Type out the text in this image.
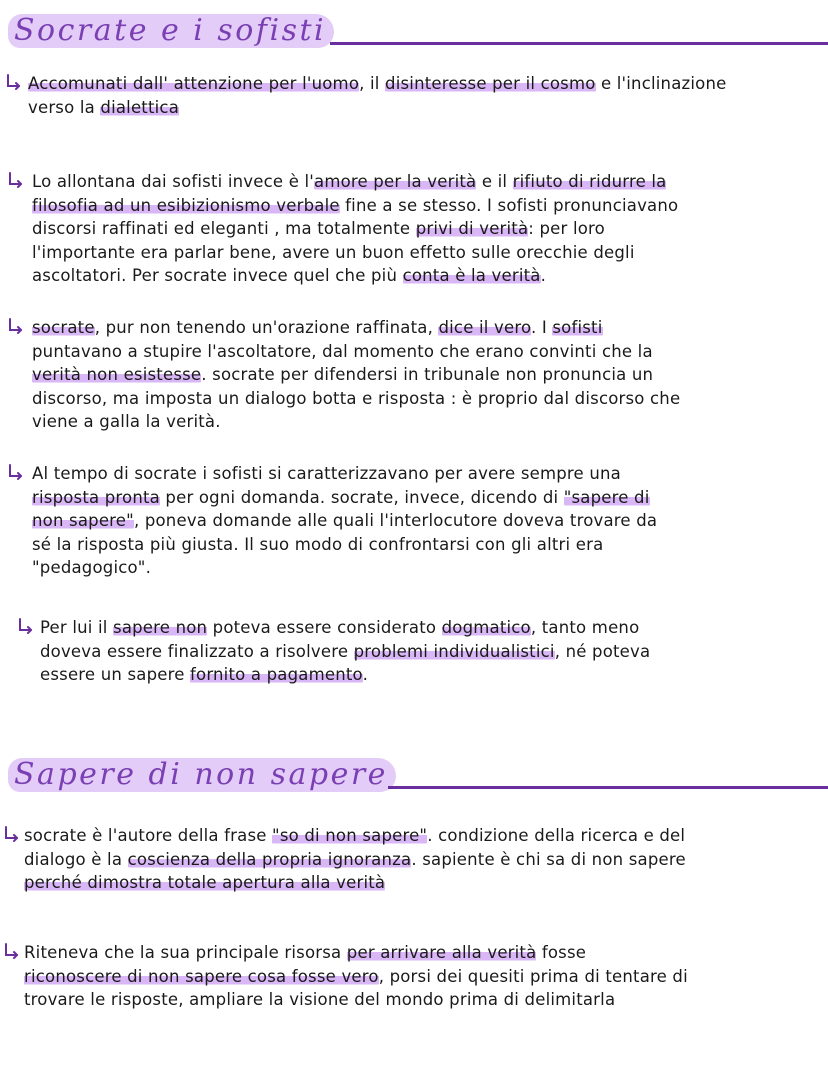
Socrate e i sofisti
Sapere di non sapere
Accomunati dall' attenzione per l'uomo, il disinteresse per il cosmo e l'inclinazione
verso la dialettica
Lo allontana dai sofisti invece è l'amore per la verità e il rifiuto di ridurre la
filosofia ad un esibizionismo verbale fine a se stesso. I sofisti pronunciavano
discorsi raffinati ed eleganti , ma totalmente privi di verità: per loro
l'importante era parlar bene, avere un buon effetto sulle orecchie degli
ascoltatori. Per socrate invece quel che più conta è la verità.
socrate, pur non tenendo un'orazione raffinata, dice il vero. I sofisti
puntavano a stupire l'ascoltatore, dal momento che erano convinti che la
verità non esistesse. socrate per difendersi in tribunale non pronuncia un
discorso, ma imposta un dialogo botta e risposta : è proprio dal discorso che
viene a galla la verità.
Al tempo di socrate i sofisti si caratterizzavano per avere sempre una
risposta pronta per ogni domanda. socrate, invece, dicendo di "sapere di
non sapere", poneva domande alle quali l'interlocutore doveva trovare da
sé la risposta più giusta. Il suo modo di confrontarsi con gli altri era
"pedagogico".
Per lui il sapere non poteva essere considerato dogmatico, tanto meno
doveva essere finalizzato a risolvere problemi individualistici, né poteva
essere un sapere fornito a pagamento.
socrate è l'autore della frase "so di non sapere". condizione della ricerca e del
dialogo è la coscienza della propria ignoranza. sapiente è chi sa di non sapere
perché dimostra totale apertura alla verità
Riteneva che la sua principale risorsa per arrivare alla verità fosse
riconoscere di non sapere cosa fosse vero, porsi dei quesiti prima di tentare di
trovare le risposte, ampliare la visione del mondo prima di delimitarla
